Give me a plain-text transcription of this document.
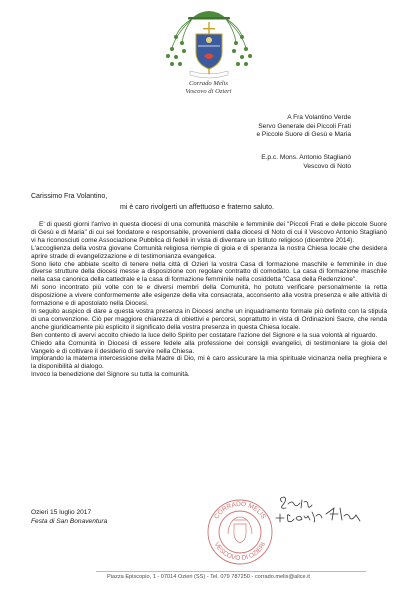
Corrado Melis
Vescovo di Ozieri
A Fra Volantino Verde
Servo Generale dei Piccoli Frati
e Piccole Suore di Gesù e Maria
E.p.c. Mons. Antonio Staglianò
Vescovo di Noto
Carissimo Fra Volantino,
mi è caro rivolgerti un affettuoso e fraterno saluto.

E' di questi giorni l'arrivo in questa diocesi di una comunità maschile e femminile dei "Piccoli Frati e delle piccole Suore di Gesù e di Maria" di cui sei fondatore e responsabile, provenienti dalla diocesi di Noto di cui il Vescovo Antonio Staglianò vi ha riconosciuti come Associazione Pubblica di fedeli in vista di diventare un Istituto religioso (dicembre 2014).

L'accoglienza della vostra giovane Comunità religiosa riempie di gioia e di speranza la nostra Chiesa locale che desidera aprire strade di evangelizzazione e di testimonianza evangelica.

Sono lieto che abbiate scelto di tenere nella città di Ozieri la vostra Casa di formazione maschile e femminile in due diverse strutture della diocesi messe a disposizione con regolare contratto di comodato. La casa di formazione maschile nella casa canonica della cattedrale e la casa di formazione femminile nella cosiddetta "Casa della Redenzione".

Mi sono incontrato più volte con te e diversi membri della Comunità, ho potuto verificare personalmente la retta disposizione a vivere conformemente alle esigenze della vita consacrata, acconsento alla vostra presenza e alle attività di formazione e di apostolato nella Diocesi.

In seguito auspico di dare a questa vostra presenza in Diocesi anche un inquadramento formale più definito con la stipula di una convenzione. Ciò per maggiore chiarezza di obiettivi e percorsi, soprattutto in vista di Ordinazioni Sacre, che renda anche giuridicamente più esplicito il significato della vostra presenza in questa Chiesa locale.

Ben contento di avervi accolto chiedo la luce dello Spirito per costatare l'azione del Signore e la sua volontà al riguardo.

Chiedo alla Comunità in Diocesi di essere fedele alla professione dei consigli evangelici, di testimoniare la gioia del Vangelo e di coltivare il desiderio di servire nella Chiesa.

Implorando la materna intercessione della Madre di Dio, mi è caro assicurare la mia spirituale vicinanza nella preghiera e la disponibilità al dialogo.

Invoco la benedizione del Signore su tutta la comunità.

Ozieri 15 luglio 2017
Festa di San Bonaventura
CORRADO MELIS
VESCOVO DI OZIERI
Piazza Episcopio, 1 - 07014 Ozieri (SS) - Tel. 079 787250 - corrado.melis@alice.it
